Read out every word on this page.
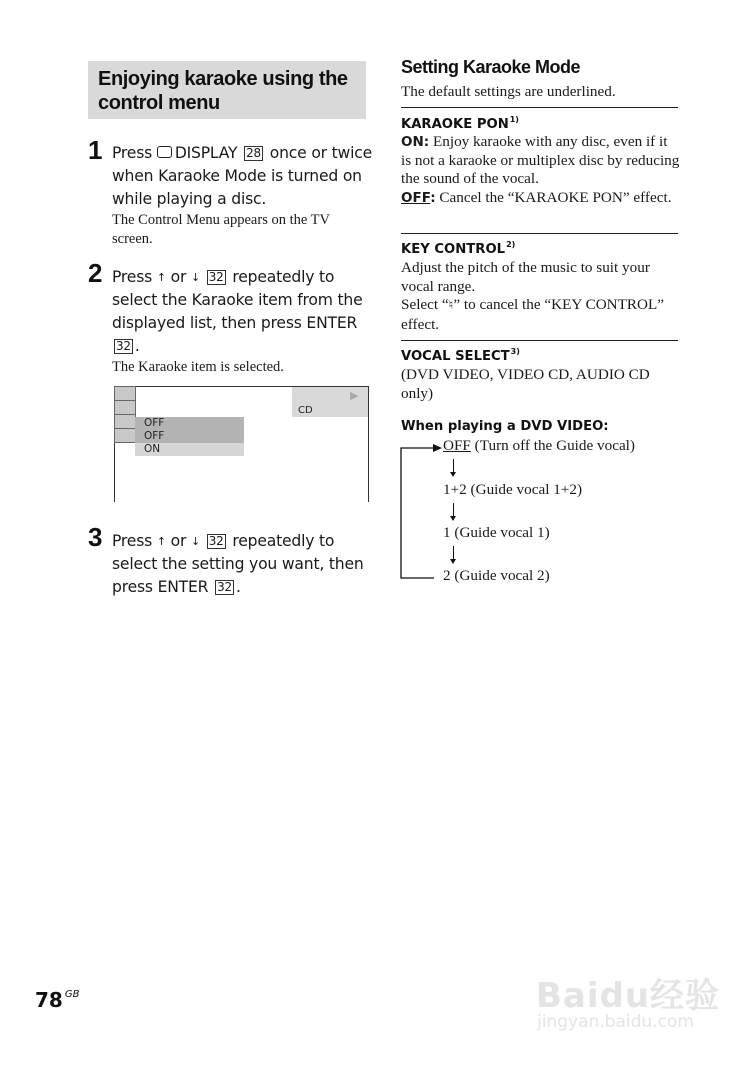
Enjoying karaoke using the control menu
1 Press DISPLAY 28 once or twice when Karaoke Mode is turned on while playing a disc.
The Control Menu appears on the TV screen.
2 Press ↑ or ↓ 32 repeatedly to select the Karaoke item from the displayed list, then press ENTER 32 .
The Karaoke item is selected.
CD
▶
OFF
OFF
ON
3 Press ↑ or ↓ 32 repeatedly to select the setting you want, then press ENTER 32 .
Setting Karaoke Mode
The default settings are underlined.
KARAOKE PON$^{1)}$
ON: Enjoy karaoke with any disc, even if it is not a karaoke or multiplex disc by reducing the sound of the vocal.
OFF: Cancel the “KARAOKE PON” effect.
KEY CONTROL$^{2)}$
Adjust the pitch of the music to suit your vocal range.
Select “♮” to cancel the “KEY CONTROL” effect.
VOCAL SELECT$^{3)}$
(DVD VIDEO, VIDEO CD, AUDIO CD only)
When playing a DVD VIDEO:
OFF (Turn off the Guide vocal)
1+2 (Guide vocal 1+2)
1 (Guide vocal 1)
2 (Guide vocal 2)
78 $^{GB}$	Baidu经验
jingyan.baidu.com
